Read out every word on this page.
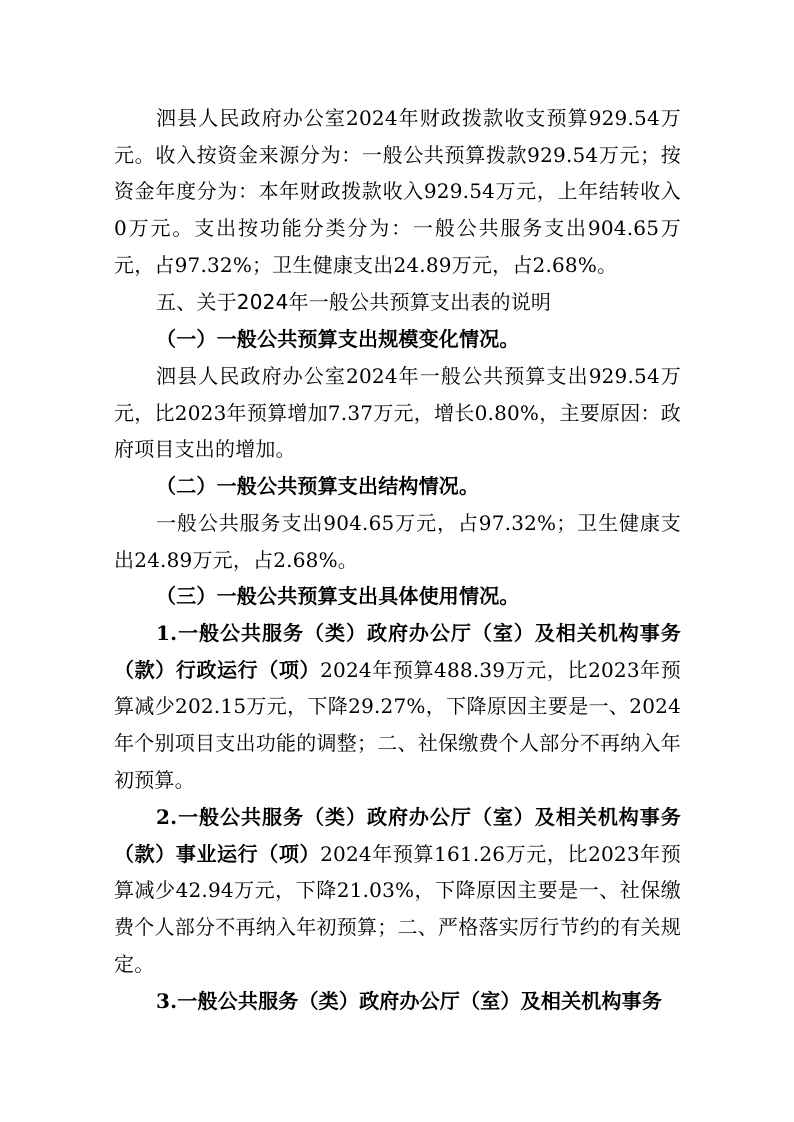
泗县人民政府办公室2024年财政拨款收支预算929.54万元。收入按资金来源分为：一般公共预算拨款929.54万元；按资金年度分为：本年财政拨款收入929.54万元，上年结转收入0万元。支出按功能分类分为：一般公共服务支出904.65万元，占97.32%；卫生健康支出24.89万元，占2.68%。

五、关于2024年一般公共预算支出表的说明

（一）一般公共预算支出规模变化情况。

泗县人民政府办公室2024年一般公共预算支出929.54万元，比2023年预算增加7.37万元，增长0.80%，主要原因：政府项目支出的增加。

（二）一般公共预算支出结构情况。

一般公共服务支出904.65万元，占97.32%；卫生健康支出24.89万元，占2.68%。

（三）一般公共预算支出具体使用情况。

1.一般公共服务（类）政府办公厅（室）及相关机构事务（款）行政运行（项）2024年预算488.39万元，比2023年预算减少202.15万元，下降29.27%，下降原因主要是一、2024年个别项目支出功能的调整；二、社保缴费个人部分不再纳入年初预算。

2.一般公共服务（类）政府办公厅（室）及相关机构事务（款）事业运行（项）2024年预算161.26万元，比2023年预算减少42.94万元，下降21.03%，下降原因主要是一、社保缴费个人部分不再纳入年初预算；二、严格落实厉行节约的有关规定。

3.一般公共服务（类）政府办公厅（室）及相关机构事务
